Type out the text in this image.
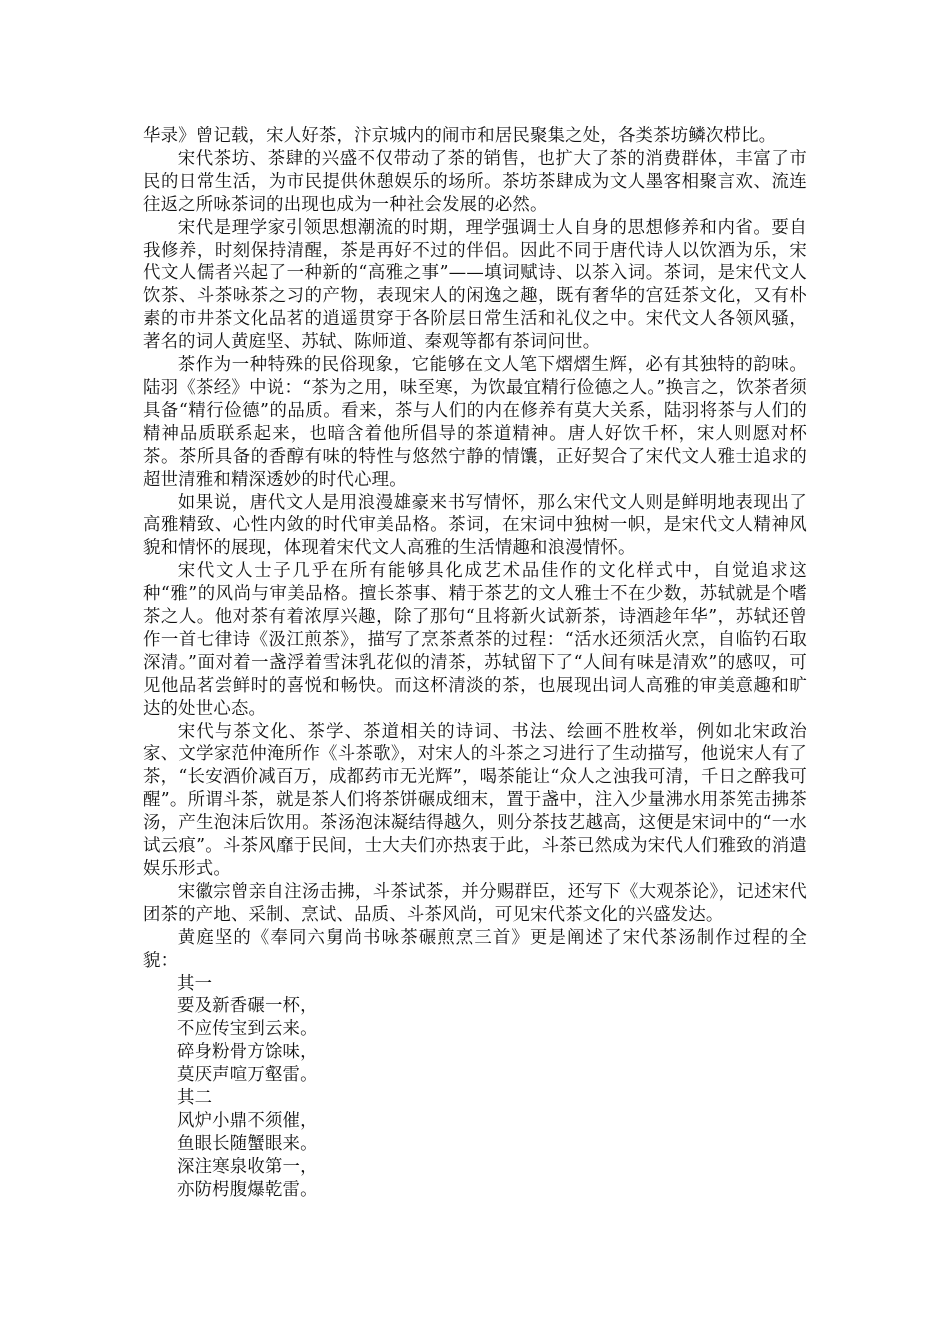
华录》曾记载，宋人好茶，汴京城内的闹市和居民聚集之处，各类茶坊鳞次栉比。

宋代茶坊、茶肆的兴盛不仅带动了茶的销售，也扩大了茶的消费群体，丰富了市民的日常生活，为市民提供休憩娱乐的场所。茶坊茶肆成为文人墨客相聚言欢、流连往返之所咏茶词的出现也成为一种社会发展的必然。

宋代是理学家引领思想潮流的时期，理学强调士人自身的思想修养和内省。要自我修养，时刻保持清醒，茶是再好不过的伴侣。因此不同于唐代诗人以饮酒为乐，宋代文人儒者兴起了一种新的“高雅之事”——填词赋诗、以茶入词。茶词，是宋代文人饮茶、斗茶咏茶之习的产物，表现宋人的闲逸之趣，既有奢华的宫廷茶文化，又有朴素的市井茶文化品茗的逍遥贯穿于各阶层日常生活和礼仪之中。宋代文人各领风骚，著名的词人黄庭坚、苏轼、陈师道、秦观等都有茶词问世。

茶作为一种特殊的民俗现象，它能够在文人笔下熠熠生辉，必有其独特的韵味。陆羽《茶经》中说：“茶为之用，味至寒，为饮最宜精行俭德之人。”换言之，饮茶者须具备“精行俭德”的品质。看来，茶与人们的内在修养有莫大关系，陆羽将茶与人们的精神品质联系起来，也暗含着他所倡导的茶道精神。唐人好饮千杯，宋人则愿对杯茶。茶所具备的香醇有味的特性与悠然宁静的情馕，正好契合了宋代文人雅士追求的超世清雅和精深透妙的时代心理。

如果说，唐代文人是用浪漫雄豪来书写情怀，那么宋代文人则是鲜明地表现出了高雅精致、心性内敛的时代审美品格。茶词，在宋词中独树一帜，是宋代文人精神风貌和情怀的展现，体现着宋代文人高雅的生活情趣和浪漫情怀。

宋代文人士子几乎在所有能够具化成艺术品佳作的文化样式中，自觉追求这种“雅”的风尚与审美品格。擅长茶事、精于茶艺的文人雅士不在少数，苏轼就是个嗜茶之人。他对茶有着浓厚兴趣，除了那句“且将新火试新茶，诗酒趁年华”，苏轼还曾作一首七律诗《汲江煎茶》，描写了烹茶煮茶的过程：“活水还须活火烹，自临钓石取深清。”面对着一盏浮着雪沫乳花似的清茶，苏轼留下了“人间有味是清欢”的感叹，可见他品茗尝鲜时的喜悦和畅快。而这杯清淡的茶，也展现出词人高雅的审美意趣和旷达的处世心态。

宋代与茶文化、茶学、茶道相关的诗词、书法、绘画不胜枚举，例如北宋政治家、文学家范仲淹所作《斗茶歌》，对宋人的斗茶之习进行了生动描写，他说宋人有了茶，“长安酒价减百万，成都药市无光辉”，喝茶能让“众人之浊我可清，千日之醉我可醒”。所谓斗茶，就是茶人们将茶饼碾成细末，置于盏中，注入少量沸水用茶筅击拂茶汤，产生泡沫后饮用。茶汤泡沫凝结得越久，则分茶技艺越高，这便是宋词中的“一水试云痕”。斗茶风靡于民间，士大夫们亦热衷于此，斗茶已然成为宋代人们雅致的消遣娱乐形式。

宋徽宗曾亲自注汤击拂，斗茶试茶，并分赐群臣，还写下《大观茶论》，记述宋代团茶的产地、采制、烹试、品质、斗茶风尚，可见宋代茶文化的兴盛发达。

黄庭坚的《奉同六舅尚书咏茶碾煎烹三首》更是阐述了宋代茶汤制作过程的全貌：

其一

要及新香碾一杯，

不应传宝到云来。

碎身粉骨方馀味，

莫厌声喧万壑雷。

其二

风炉小鼎不须催，

鱼眼长随蟹眼来。

深注寒泉收第一，

亦防枵腹爆乾雷。
